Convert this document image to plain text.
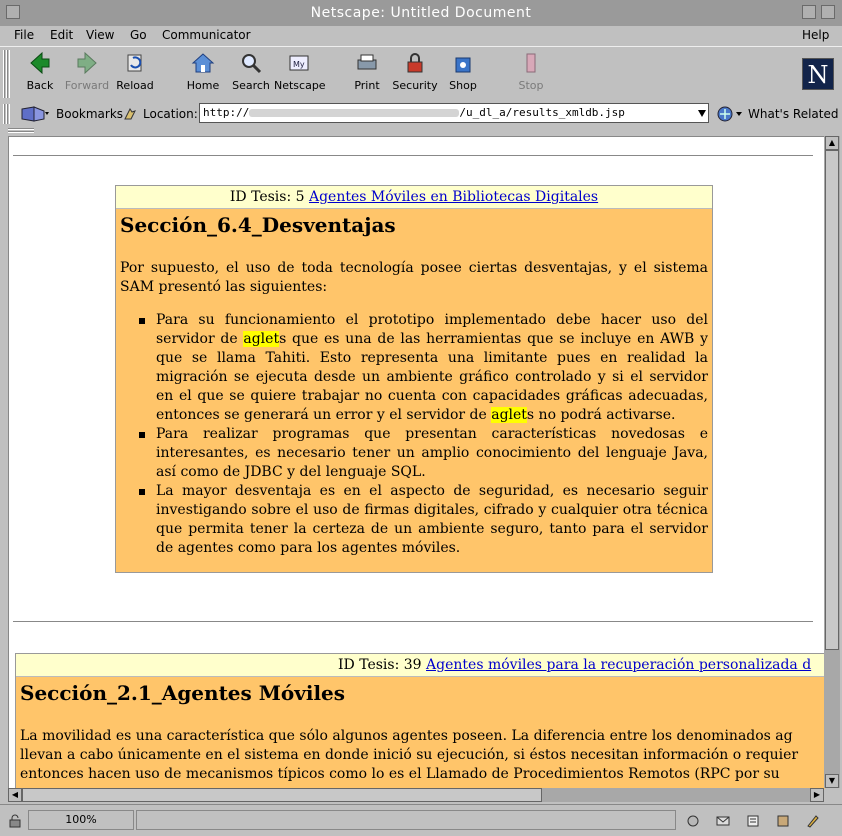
Netscape: Untitled Document
File Edit View Go Communicator	Help
Back	Forward Reload	Home	Search
My
Netscape	Print	Security	Shop	Stop	N
Bookmarks Location:	What's Related
http://	/u_dl_a/results_xmldb.jsp
ID Tesis: 5 Agentes Móviles en Bibliotecas Digitales
Sección_6.4_Desventajas
Por supuesto, el uso de toda tecnología posee ciertas desventajas, y el sistema SAM presentó las siguientes:
Para su funcionamiento el prototipo implementado debe hacer uso del servidor de aglets que es una de las herramientas que se incluye en AWB y que se llama Tahiti. Esto representa una limitante pues en realidad la migración se ejecuta desde un ambiente gráfico controlado y si el servidor en el que se quiere trabajar no cuenta con capacidades gráficas adecuadas, entonces se generará un error y el servidor de aglets no podrá activarse.
Para realizar programas que presentan características novedosas e interesantes, es necesario tener un amplio conocimiento del lenguaje Java, así como de JDBC y del lenguaje SQL.
La mayor desventaja es en el aspecto de seguridad, es necesario seguir investigando sobre el uso de firmas digitales, cifrado y cualquier otra técnica que permita tener la certeza de un ambiente seguro, tanto para el servidor de agentes como para los agentes móviles.
ID Tesis: 39 Agentes móviles para la recuperación personalizada d
Sección_2.1_Agentes Móviles
La movilidad es una característica que sólo algunos agentes poseen. La diferencia entre los denominados ag
llevan a cabo únicamente en el sistema en donde inició su ejecución, si éstos necesitan información o requier
entonces hacen uso de mecanismos típicos como lo es el Llamado de Procedimientos Remotos (RPC por su
▲
▼
◀	▶
100%
